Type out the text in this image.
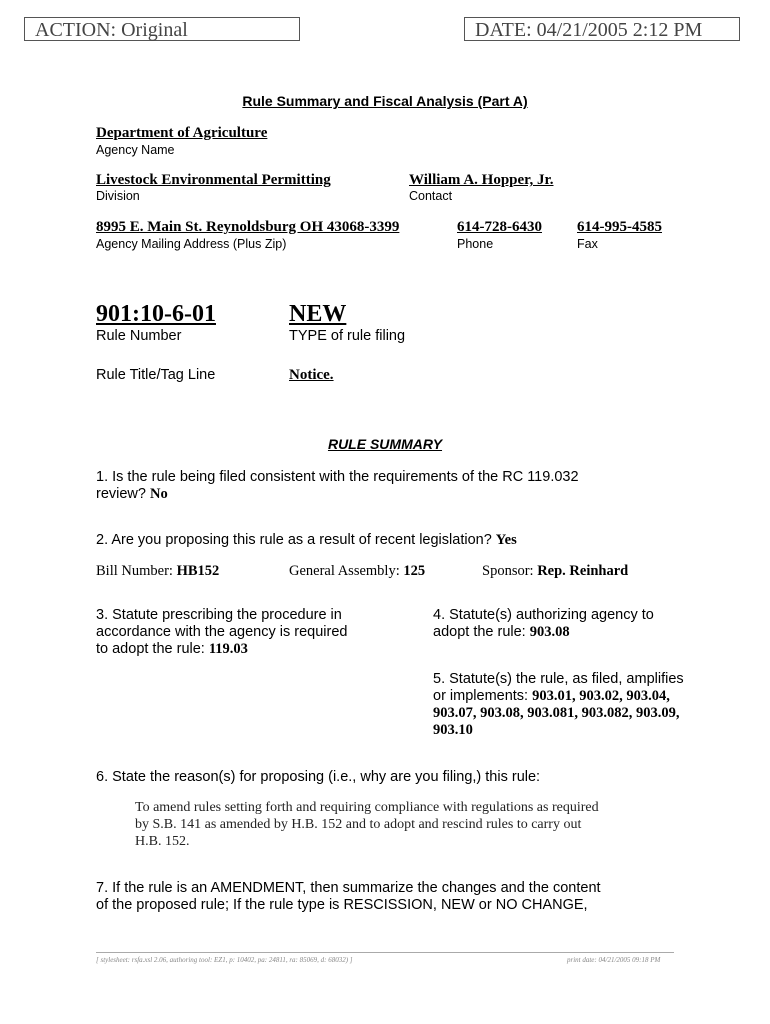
ACTION: Original	DATE: 04/21/2005 2:12 PM
Rule Summary and Fiscal Analysis (Part A)
Department of Agriculture
Agency Name
Livestock Environmental Permitting
Division
William A. Hopper, Jr.
Contact
8995 E. Main St. Reynoldsburg OH 43068-3399
Agency Mailing Address (Plus Zip)
614-728-6430
Phone
614-995-4585
Fax
901:10-6-01
Rule Number
NEW
TYPE of rule filing
Rule Title/Tag Line	Notice.
RULE SUMMARY
1. Is the rule being filed consistent with the requirements of the RC 119.032
review? No
2. Are you proposing this rule as a result of recent legislation? Yes
Bill Number: HB152	General Assembly: 125	Sponsor: Rep. Reinhard
3. Statute prescribing the procedure in
accordance with the agency is required
to adopt the rule: 119.03
4. Statute(s) authorizing agency to
adopt the rule: 903.08
5. Statute(s) the rule, as filed, amplifies
or implements: 903.01, 903.02, 903.04,
903.07, 903.08, 903.081, 903.082, 903.09,
903.10
6. State the reason(s) for proposing (i.e., why are you filing,) this rule:
To amend rules setting forth and requiring compliance with regulations as required
by S.B. 141 as amended by H.B. 152 and to adopt and rescind rules to carry out
H.B. 152.
7. If the rule is an AMENDMENT, then summarize the changes and the content
of the proposed rule; If the rule type is RESCISSION, NEW or NO CHANGE,
[ stylesheet: rsfa.xsl 2.06, authoring tool: EZ1, p: 10402, pa: 24811, ra: 85069, d: 68032) ]	print date: 04/21/2005 09:18 PM
